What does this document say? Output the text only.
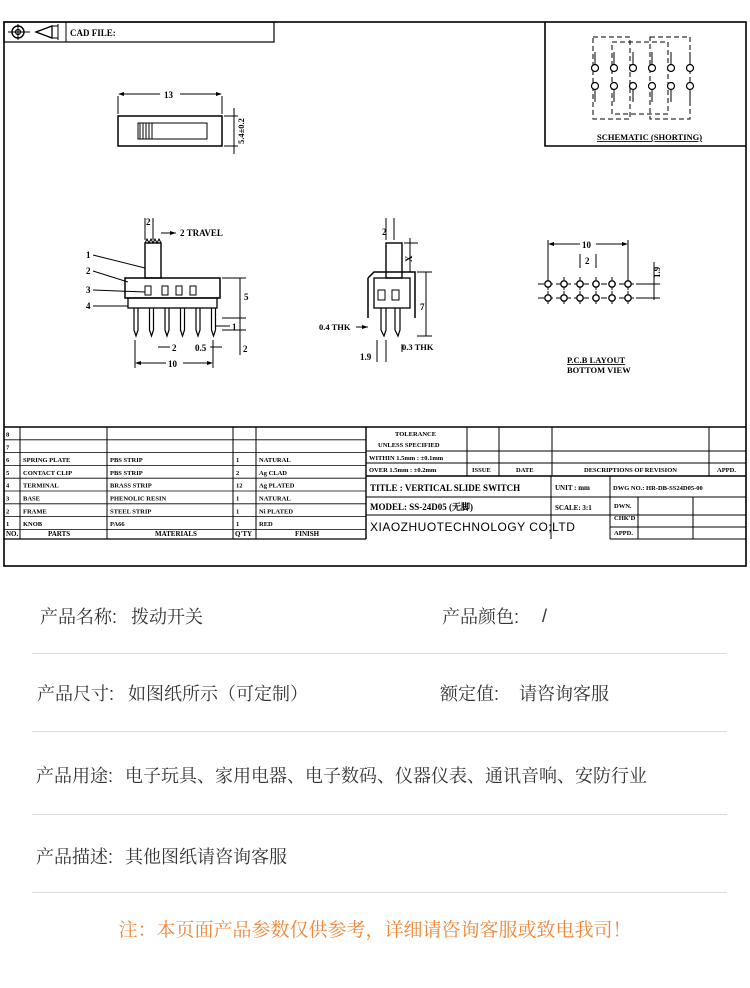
CAD FILE:
SCHEMATIC (SHORTING)
13
5.4±0.2
2
2 TRAVEL
1
2
3
4
5
2
1
2 0.5
10
2
X
7
0.4 THK
0.3 THK
1.9
10
2
1.9
P.C.B LAYOUT
BOTTOM VIEW
8
7
6 SPRING PLATE	PBS STRIP	1	NATURAL
5 CONTACT CLIP	PBS STRIP	2	Ag CLAD
4 TERMINAL	BRASS STRIP	12	Ag PLATED
3 BASE	PHENOLIC RESIN	1	NATURAL
2 FRAME	STEEL STRIP	1	Ni PLATED
1 KNOB	PA66	1	RED
NO.	PARTS	MATERIALS	Q'TY	FINISH
TOLERANCE
UNLESS SPECIFIED
WITHIN 1.5mm : ±0.1mm
OVER 1.5mm : ±0.2mm	ISSUE	DATE	DESCRIPTIONS OF REVISION	APPD.
TITLE : VERTICAL SLIDE SWITCH	UNIT : mm	DWG NO.: HR-DB-SS24D05-00
MODEL: SS-24D05 (无脚)	SCALE: 3:1	DWN.
CHK'D
APPD.
XIAOZHUOTECHNOLOGY CO;LTD
产品名称: 拨动开关	产品颜色: /
产品尺寸: 如图纸所示（可定制）	额定值: 请咨询客服
产品用途: 电子玩具、家用电器、电子数码、仪器仪表、通讯音响、安防行业
产品描述: 其他图纸请咨询客服
注：本页面产品参数仅供参考，详细请咨询客服或致电我司！
